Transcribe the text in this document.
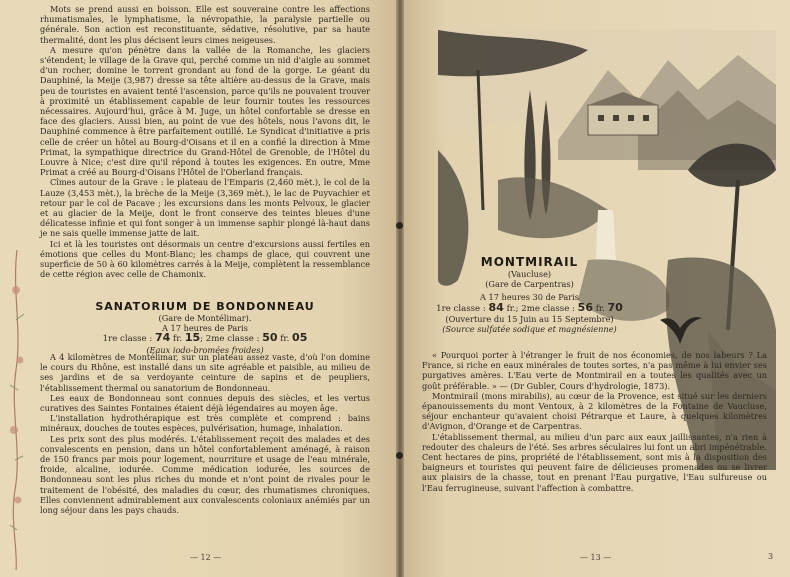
Mots se prend aussi en boisson. Elle est souveraine contre les affections rhumatismales, le lymphatisme, la névropathie, la paralysie partielle ou générale. Son action est reconstituante, sédative, résolutive, par sa haute thermalité, dont les plus décisent leurs cimes neigeuses.

A mesure qu'on pénètre dans la vallée de la Romanche, les glaciers s'étendent; le village de la Grave qui, perché comme un nid d'aigle au sommet d'un rocher, domine le torrent grondant au fond de la gorge. Le géant du Dauphiné, la Meije (3,987) dresse sa tête altière au-dessus de la Grave, mais peu de touristes en avaient tenté l'ascension, parce qu'ils ne pouvaient trouver à proximité un établissement capable de leur fournir toutes les ressources nécessaires. Aujourd'hui, grâce à M. Juge, un hôtel confortable se dresse en face des glaciers. Aussi bien, au point de vue des hôtels, nous l'avons dit, le Dauphiné commence à être parfaitement outillé. Le Syndicat d'initiative a pris celle de créer un hôtel au Bourg-d'Oisans et il en a confié la direction à Mme Primat, la sympathique directrice du Grand-Hôtel de Grenoble, de l'Hôtel du Louvre à Nice; c'est dire qu'il répond à toutes les exigences. En outre, Mme Primat a créé au Bourg-d'Oisans l'Hôtel de l'Oberland français.

Cîmes autour de la Grave : le plateau de l'Emparis (2,460 mèt.), le col de la Lauze (3,453 mèt.), la brèche de la Meije (3,369 mèt.), le lac de Puyvachier et retour par le col de Pacave ; les excursions dans les monts Pelvoux, le glacier et au glacier de la Meije, dont le front conserve des teintes bleues d'une délicatesse infinie et qui font songer à un immense saphir plongé là-haut dans je ne sais quelle immense jatte de lait.

Ici et là les touristes ont désormais un centre d'excursions aussi fertiles en émotions que celles du Mont-Blanc; les champs de glace, qui couvrent une superficie de 50 à 60 kilomètres carrés à la Meije, complètent la ressemblance de cette région avec celle de Chamonix.

SANATORIUM DE BONDONNEAU
(Gare de Montélimar).
A 17 heures de Paris
1re classe : 74 fr. 15; 2me classe : 50 fr. 05
(Eaux iodo-bromées froides)

A 4 kilomètres de Montélimar, sur un plateau assez vaste, d'où l'on domine le cours du Rhône, est installé dans un site agréable et paisible, au milieu de ses jardins et de sa verdoyante ceinture de sapins et de peupliers, l'établissement thermal ou sanatorium de Bondonneau.

Les eaux de Bondonneau sont connues depuis des siècles, et les vertus curatives des Saintes Fontaines étaient déjà légendaires au moyen âge.

L'installation hydrothérapique est très complète et comprend : bains minéraux, douches de toutes espèces, pulvérisation, humage, inhalation.

Les prix sont des plus modérés. L'établissement reçoit des malades et des convalescents en pension, dans un hôtel confortablement aménagé, à raison de 150 francs par mois pour logement, nourriture et usage de l'eau minérale, froide, alcaline, iodurée. Comme médication iodurée, les sources de Bondonneau sont les plus riches du monde et n'ont point de rivales pour le traitement de l'obésité, des maladies du cœur, des rhumatismes chroniques. Elles conviennent admirablement aux convalescents coloniaux anémiés par un long séjour dans les pays chauds.

— 12 —
MONTMIRAIL
(Vaucluse)
(Gare de Carpentras)
A 17 heures 30 de Paris
1re classe : 84 fr.; 2me classe : 56 fr. 70
(Ouverture du 15 Juin au 15 Septembre)
(Source sulfatée sodique et magnésienne)

« Pourquoi porter à l'étranger le fruit de nos économies, de nos labeurs ? La France, si riche en eaux minérales de toutes sortes, n'a pas même à lui envier ses purgatives amères. L'Eau verte de Montmirail en a toutes les qualités avec un goût préférable. » — (Dr Gubler, Cours d'hydrologie, 1873).

Montmirail (mons mirabilis), au cœur de la Provence, est situé sur les derniers épanouissements du mont Ventoux, à 2 kilomètres de la Fontaine de Vaucluse, séjour enchanteur qu'avaient choisi Pétrarque et Laure, à quelques kilomètres d'Avignon, d'Orange et de Carpentras.

L'établissement thermal, au milieu d'un parc aux eaux jaillissantes, n'a rien à redouter des chaleurs de l'été. Ses arbres séculaires lui font un abri impénétrable. Cent hectares de pins, propriété de l'établissement, sont mis à la disposition des baigneurs et touristes qui peuvent faire de délicieuses promenades ou se livrer aux plaisirs de la chasse, tout en prenant l'Eau purgative, l'Eau sulfureuse ou l'Eau ferrugineuse, suivant l'affection à combattre.

— 13 —	3
